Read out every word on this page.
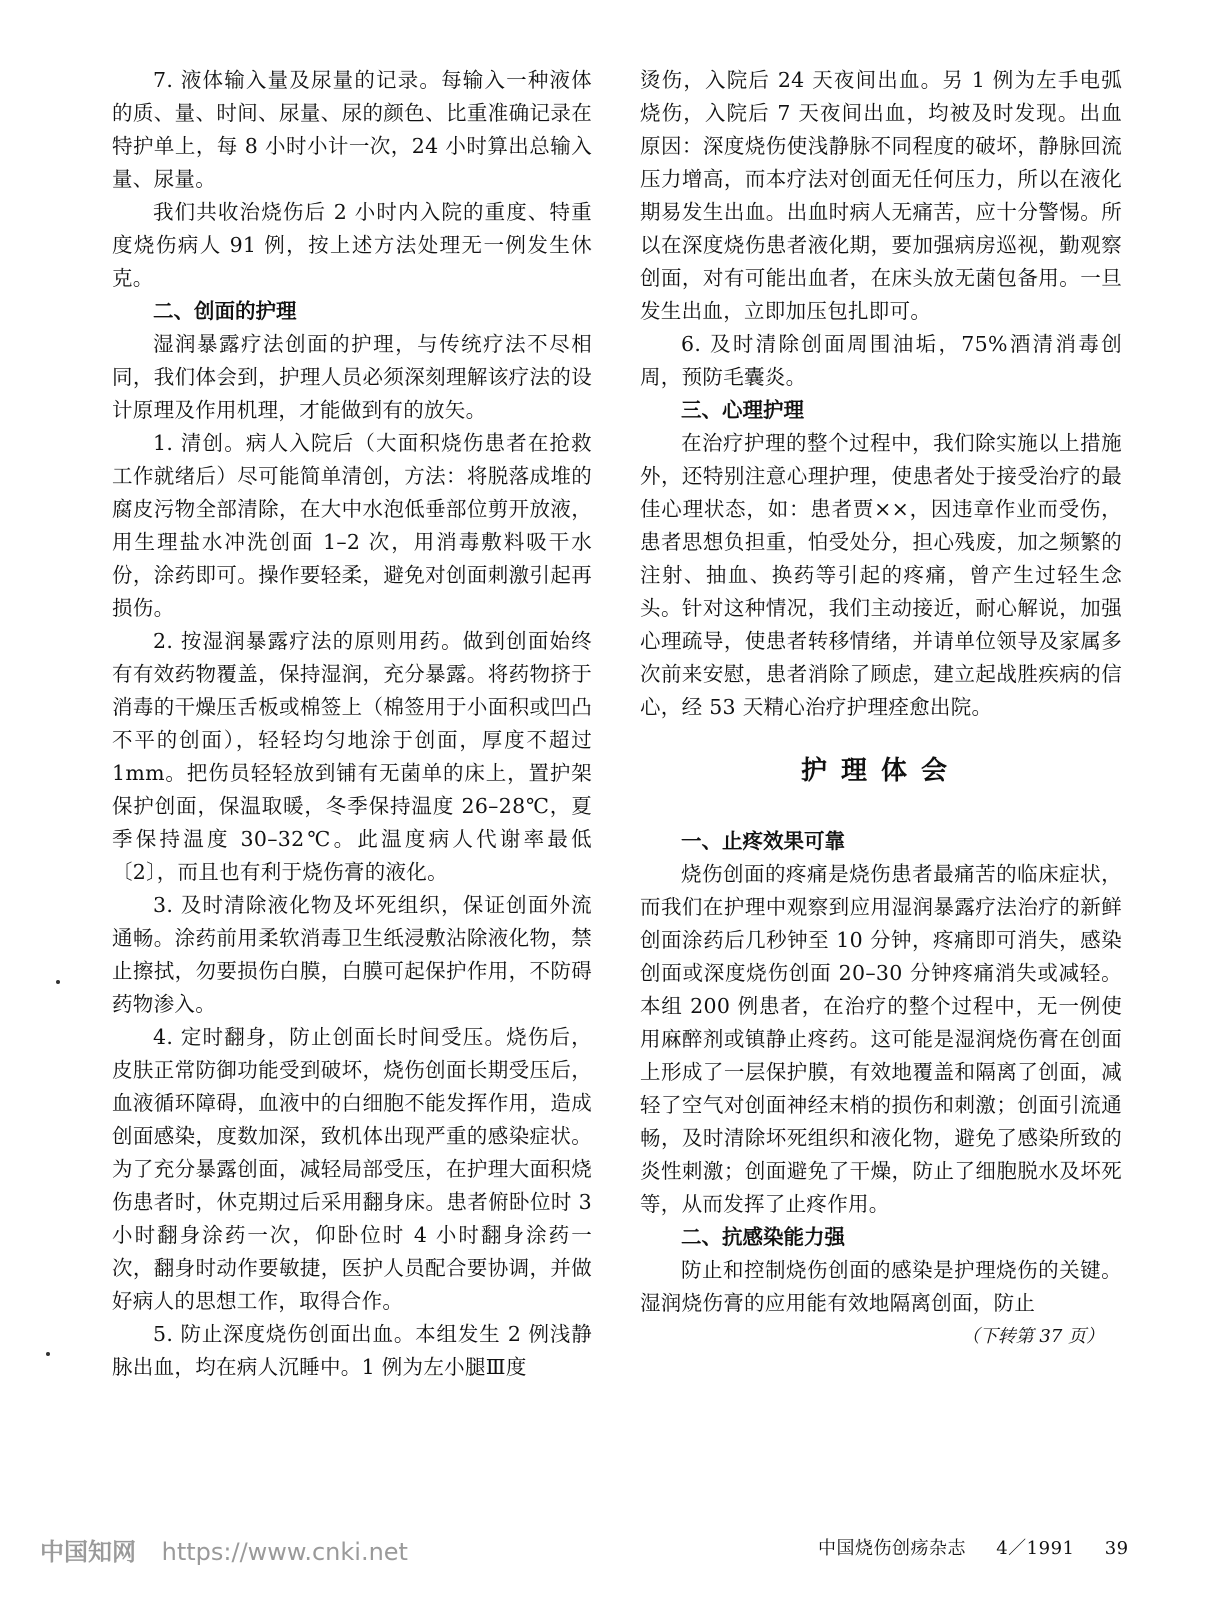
7. 液体输入量及尿量的记录。每输入一种液体的质、量、时间、尿量、尿的颜色、比重准确记录在特护单上，每 8 小时小计一次，24 小时算出总输入量、尿量。

我们共收治烧伤后 2 小时内入院的重度、特重度烧伤病人 91 例，按上述方法处理无一例发生休克。

二、创面的护理

湿润暴露疗法创面的护理，与传统疗法不尽相同，我们体会到，护理人员必须深刻理解该疗法的设计原理及作用机理，才能做到有的放矢。

1. 清创。病人入院后（大面积烧伤患者在抢救工作就绪后）尽可能简单清创，方法：将脱落成堆的腐皮污物全部清除，在大中水泡低垂部位剪开放液，用生理盐水冲洗创面 1–2 次，用消毒敷料吸干水份，涂药即可。操作要轻柔，避免对创面刺激引起再损伤。

2. 按湿润暴露疗法的原则用药。做到创面始终有有效药物覆盖，保持湿润，充分暴露。将药物挤于消毒的干燥压舌板或棉签上（棉签用于小面积或凹凸不平的创面），轻轻均匀地涂于创面，厚度不超过 1mm。把伤员轻轻放到铺有无菌单的床上，置护架保护创面，保温取暖，冬季保持温度 26–28℃，夏季保持温度 30–32℃。此温度病人代谢率最低〔2〕，而且也有利于烧伤膏的液化。

3. 及时清除液化物及坏死组织，保证创面外流通畅。涂药前用柔软消毒卫生纸浸敷沾除液化物，禁止擦拭，勿要损伤白膜，白膜可起保护作用，不防碍药物渗入。

4. 定时翻身，防止创面长时间受压。烧伤后，皮肤正常防御功能受到破坏，烧伤创面长期受压后，血液循环障碍，血液中的白细胞不能发挥作用，造成创面感染，度数加深，致机体出现严重的感染症状。为了充分暴露创面，减轻局部受压，在护理大面积烧伤患者时，休克期过后采用翻身床。患者俯卧位时 3 小时翻身涂药一次，仰卧位时 4 小时翻身涂药一次，翻身时动作要敏捷，医护人员配合要协调，并做好病人的思想工作，取得合作。

5. 防止深度烧伤创面出血。本组发生 2 例浅静脉出血，均在病人沉睡中。1 例为左小腿Ⅲ度

烫伤，入院后 24 天夜间出血。另 1 例为左手电弧烧伤，入院后 7 天夜间出血，均被及时发现。出血原因：深度烧伤使浅静脉不同程度的破坏，静脉回流压力增高，而本疗法对创面无任何压力，所以在液化期易发生出血。出血时病人无痛苦，应十分警惕。所以在深度烧伤患者液化期，要加强病房巡视，勤观察创面，对有可能出血者，在床头放无菌包备用。一旦发生出血，立即加压包扎即可。

6. 及时清除创面周围油垢，75%酒清消毒创周，预防毛囊炎。

三、心理护理

在治疗护理的整个过程中，我们除实施以上措施外，还特别注意心理护理，使患者处于接受治疗的最佳心理状态，如：患者贾××，因违章作业而受伤，患者思想负担重，怕受处分，担心残废，加之频繁的注射、抽血、换药等引起的疼痛，曾产生过轻生念头。针对这种情况，我们主动接近，耐心解说，加强心理疏导，使患者转移情绪，并请单位领导及家属多次前来安慰，患者消除了顾虑，建立起战胜疾病的信心，经 53 天精心治疗护理痊愈出院。

护理体会

一、止疼效果可靠

烧伤创面的疼痛是烧伤患者最痛苦的临床症状，而我们在护理中观察到应用湿润暴露疗法治疗的新鲜创面涂药后几秒钟至 10 分钟，疼痛即可消失，感染创面或深度烧伤创面 20–30 分钟疼痛消失或减轻。本组 200 例患者，在治疗的整个过程中，无一例使用麻醉剂或镇静止疼药。这可能是湿润烧伤膏在创面上形成了一层保护膜，有效地覆盖和隔离了创面，减轻了空气对创面神经末梢的损伤和刺激；创面引流通畅，及时清除坏死组织和液化物，避免了感染所致的炎性刺激；创面避免了干燥，防止了细胞脱水及坏死等，从而发挥了止疼作用。

二、抗感染能力强

防止和控制烧伤创面的感染是护理烧伤的关键。湿润烧伤膏的应用能有效地隔离创面，防止

（下转第 37 页）
中国知网 https://www.cnki.net	中国烧伤创疡杂志 4／1991 39
